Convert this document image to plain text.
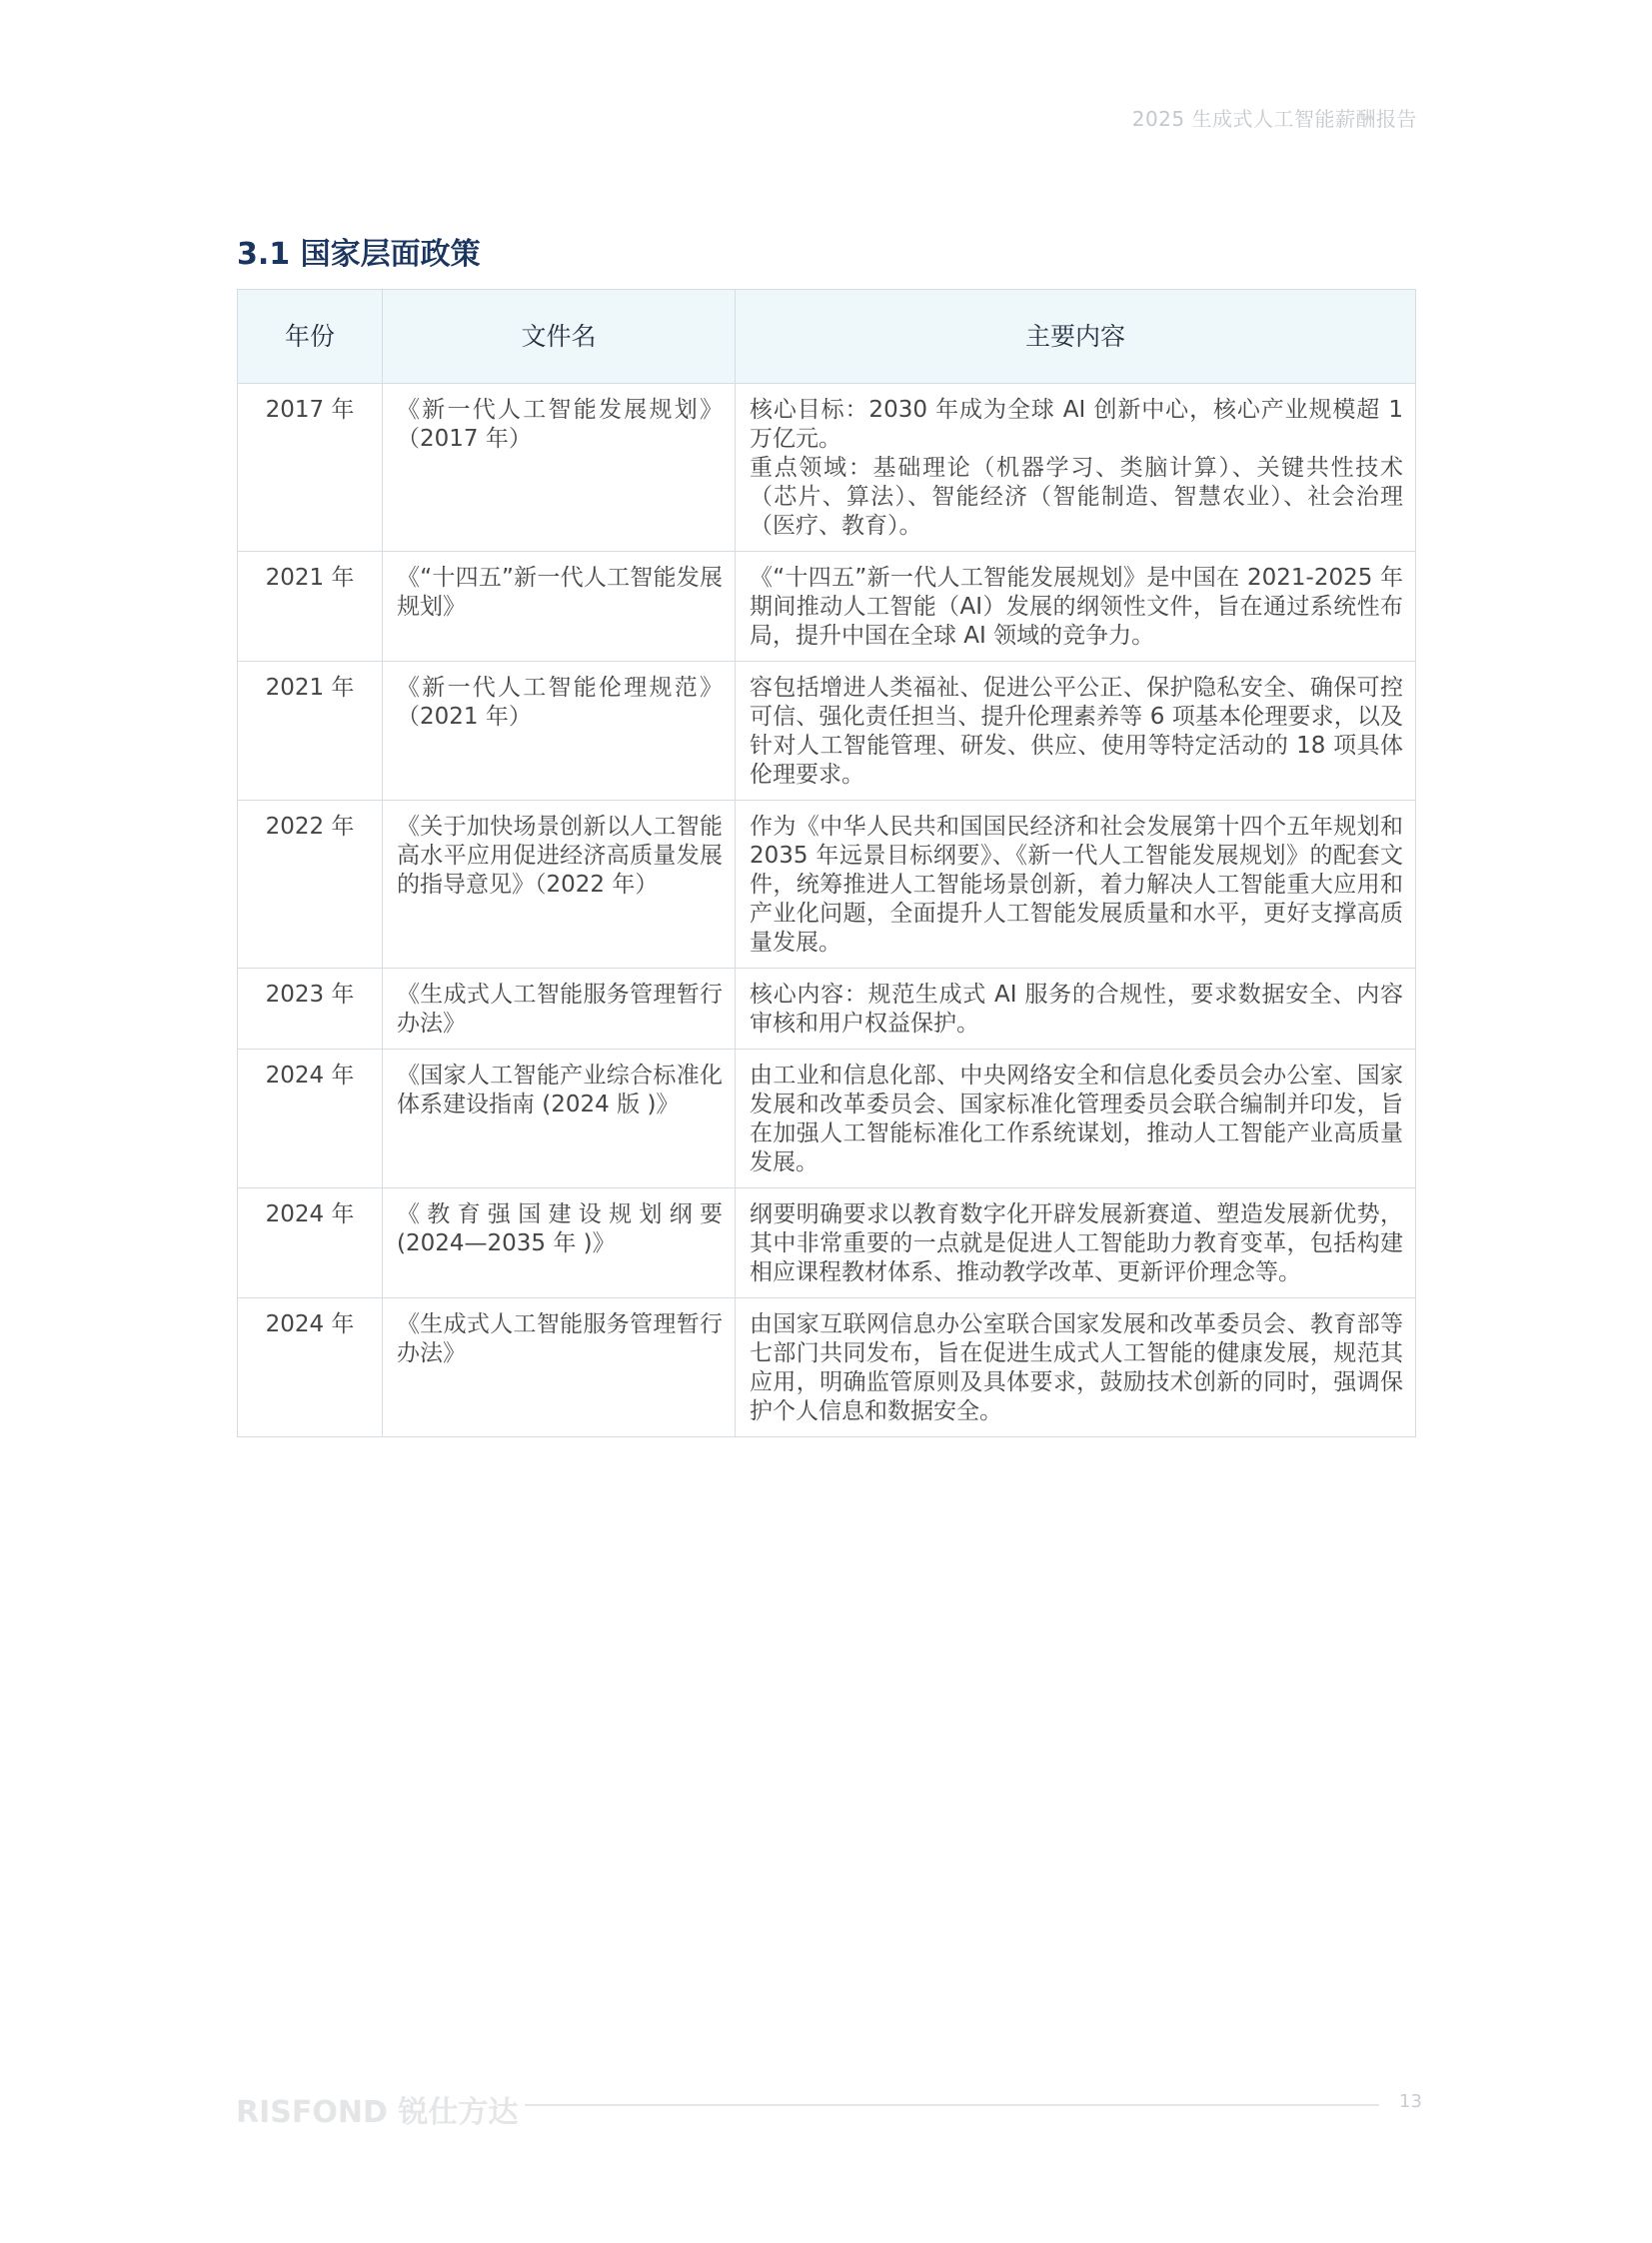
2025 生成式人工智能薪酬报告
3.1 国家层面政策
年份	文件名	主要内容
2017 年	《新一代人工智能发展规划》（2017 年）	核心目标：2030 年成为全球 AI 创新中心，核心产业规模超 1 万亿元。
重点领域：基础理论（机器学习、类脑计算）、关键共性技术（芯片、算法）、智能经济（智能制造、智慧农业）、社会治理（医疗、教育）。

2021 年	《“十四五”新一代人工智能发展规划》	《“十四五”新一代人工智能发展规划》是中国在 2021-2025 年期间推动人工智能（AI）发展的纲领性文件，旨在通过系统性布局，提升中国在全球 AI 领域的竞争力。

2021 年	《新一代人工智能伦理规范》（2021 年）	容包括增进人类福祉、促进公平公正、保护隐私安全、确保可控可信、强化责任担当、提升伦理素养等 6 项基本伦理要求，以及针对人工智能管理、研发、供应、使用等特定活动的 18 项具体伦理要求。

2022 年	《关于加快场景创新以人工智能高水平应用促进经济高质量发展的指导意见》（2022 年）	作为《中华人民共和国国民经济和社会发展第十四个五年规划和 2035 年远景目标纲要》、《新一代人工智能发展规划》的配套文件，统筹推进人工智能场景创新，着力解决人工智能重大应用和产业化问题，全面提升人工智能发展质量和水平，更好支撑高质量发展。

2023 年	《生成式人工智能服务管理暂行办法》	核心内容：规范生成式 AI 服务的合规性，要求数据安全、内容审核和用户权益保护。

2024 年	《国家人工智能产业综合标准化体系建设指南 (2024 版 )》	由工业和信息化部、中央网络安全和信息化委员会办公室、国家发展和改革委员会、国家标准化管理委员会联合编制并印发，旨在加强人工智能标准化工作系统谋划，推动人工智能产业高质量发展。

2024 年	《教育强国建设规划纲要 (2024—2035 年 )》	纲要明确要求以教育数字化开辟发展新赛道、塑造发展新优势，其中非常重要的一点就是促进人工智能助力教育变革，包括构建相应课程教材体系、推动教学改革、更新评价理念等。

2024 年	《生成式人工智能服务管理暂行办法》	由国家互联网信息办公室联合国家发展和改革委员会、教育部等七部门共同发布，旨在促进生成式人工智能的健康发展，规范其应用，明确监管原则及具体要求，鼓励技术创新的同时，强调保护个人信息和数据安全。
RISFOND 锐仕方达	13
